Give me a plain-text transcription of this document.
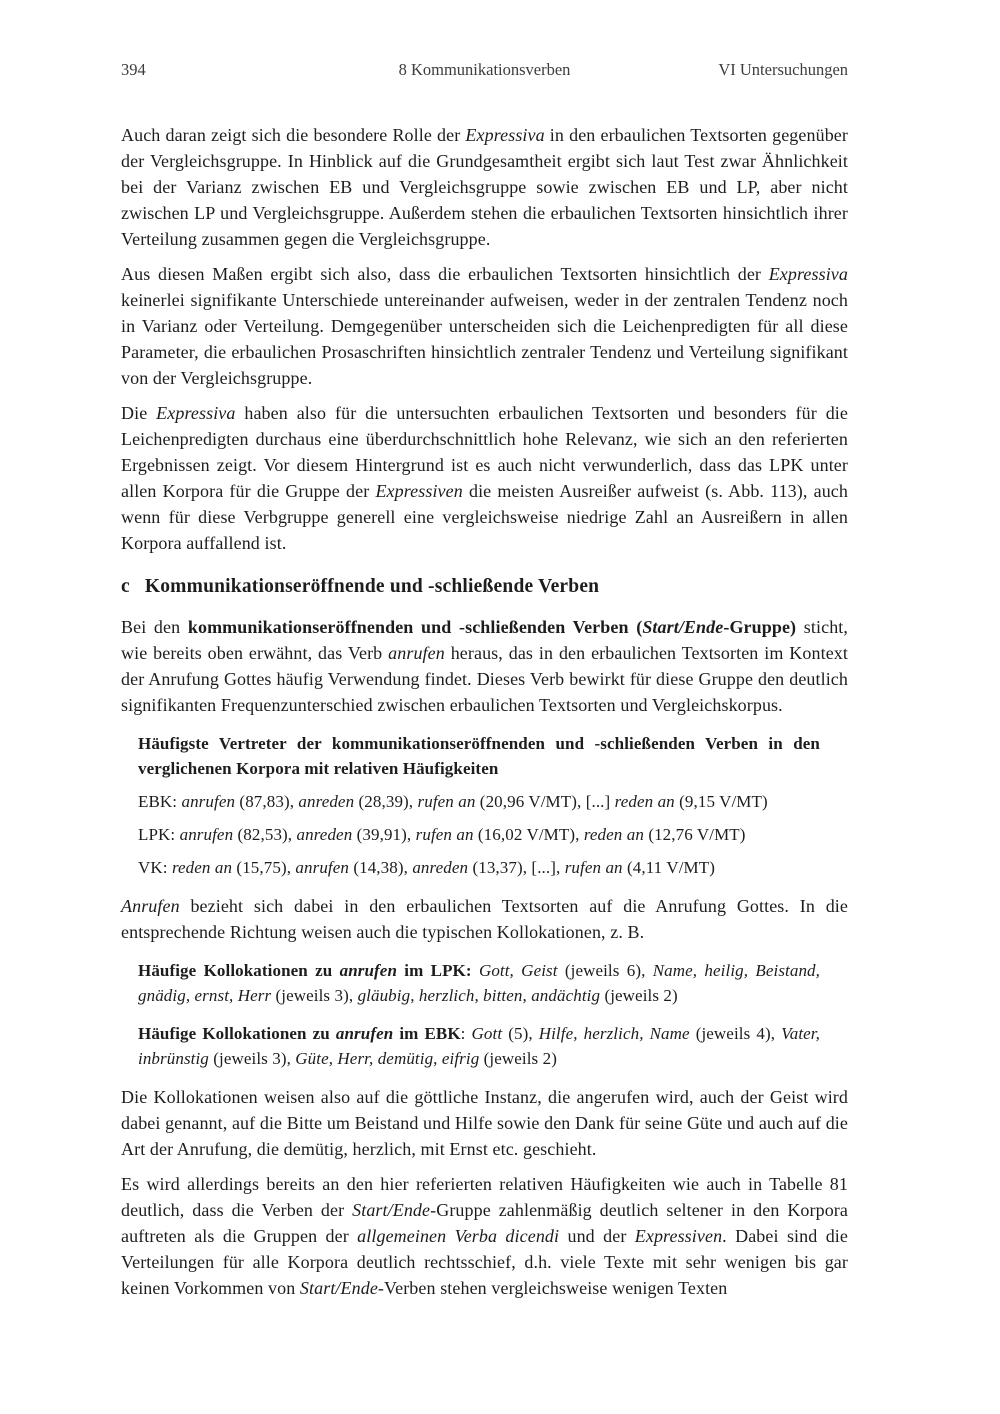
394	8 Kommunikationsverben	VI Untersuchungen

Auch daran zeigt sich die besondere Rolle der Expressiva in den erbaulichen Textsorten gegenüber der Vergleichsgruppe. In Hinblick auf die Grundgesamtheit ergibt sich laut Test zwar Ähnlichkeit bei der Varianz zwischen EB und Vergleichsgruppe sowie zwischen EB und LP, aber nicht zwischen LP und Vergleichsgruppe. Außerdem stehen die erbaulichen Textsorten hinsichtlich ihrer Verteilung zusammen gegen die Vergleichsgruppe.

Aus diesen Maßen ergibt sich also, dass die erbaulichen Textsorten hinsichtlich der Expressiva keinerlei signifikante Unterschiede untereinander aufweisen, weder in der zentralen Tendenz noch in Varianz oder Verteilung. Demgegenüber unterscheiden sich die Leichenpredigten für all diese Parameter, die erbaulichen Prosaschriften hinsichtlich zentraler Tendenz und Verteilung signifikant von der Vergleichsgruppe.

Die Expressiva haben also für die untersuchten erbaulichen Textsorten und besonders für die Leichenpredigten durchaus eine überdurchschnittlich hohe Relevanz, wie sich an den referierten Ergebnissen zeigt. Vor diesem Hintergrund ist es auch nicht verwunderlich, dass das LPK unter allen Korpora für die Gruppe der Expressiven die meisten Ausreißer aufweist (s. Abb. 113), auch wenn für diese Verbgruppe generell eine vergleichsweise niedrige Zahl an Ausreißern in allen Korpora auffallend ist.

c Kommunikationseröffnende und -schließende Verben

Bei den kommunikationseröffnenden und -schließenden Verben (Start/Ende-Gruppe) sticht, wie bereits oben erwähnt, das Verb anrufen heraus, das in den erbaulichen Textsorten im Kontext der Anrufung Gottes häufig Verwendung findet. Dieses Verb bewirkt für diese Gruppe den deutlich signifikanten Frequenzunterschied zwischen erbaulichen Textsorten und Vergleichskorpus.

Häufigste Vertreter der kommunikationseröffnenden und -schließenden Verben in den verglichenen Korpora mit relativen Häufigkeiten

EBK: anrufen (87,83), anreden (28,39), rufen an (20,96 V/MT), [...] reden an (9,15 V/MT)

LPK: anrufen (82,53), anreden (39,91), rufen an (16,02 V/MT), reden an (12,76 V/MT)

VK: reden an (15,75), anrufen (14,38), anreden (13,37), [...], rufen an (4,11 V/MT)

Anrufen bezieht sich dabei in den erbaulichen Textsorten auf die Anrufung Gottes. In die entsprechende Richtung weisen auch die typischen Kollokationen, z. B.

Häufige Kollokationen zu anrufen im LPK: Gott, Geist (jeweils 6), Name, heilig, Beistand, gnädig, ernst, Herr (jeweils 3), gläubig, herzlich, bitten, andächtig (jeweils 2)

Häufige Kollokationen zu anrufen im EBK: Gott (5), Hilfe, herzlich, Name (jeweils 4), Vater, inbrünstig (jeweils 3), Güte, Herr, demütig, eifrig (jeweils 2)

Die Kollokationen weisen also auf die göttliche Instanz, die angerufen wird, auch der Geist wird dabei genannt, auf die Bitte um Beistand und Hilfe sowie den Dank für seine Güte und auch auf die Art der Anrufung, die demütig, herzlich, mit Ernst etc. geschieht.

Es wird allerdings bereits an den hier referierten relativen Häufigkeiten wie auch in Tabelle 81 deutlich, dass die Verben der Start/Ende-Gruppe zahlenmäßig deutlich seltener in den Korpora auftreten als die Gruppen der allgemeinen Verba dicendi und der Expressiven. Dabei sind die Verteilungen für alle Korpora deutlich rechtsschief, d.h. viele Texte mit sehr wenigen bis gar keinen Vorkommen von Start/Ende-Verben stehen vergleichsweise wenigen Texten
